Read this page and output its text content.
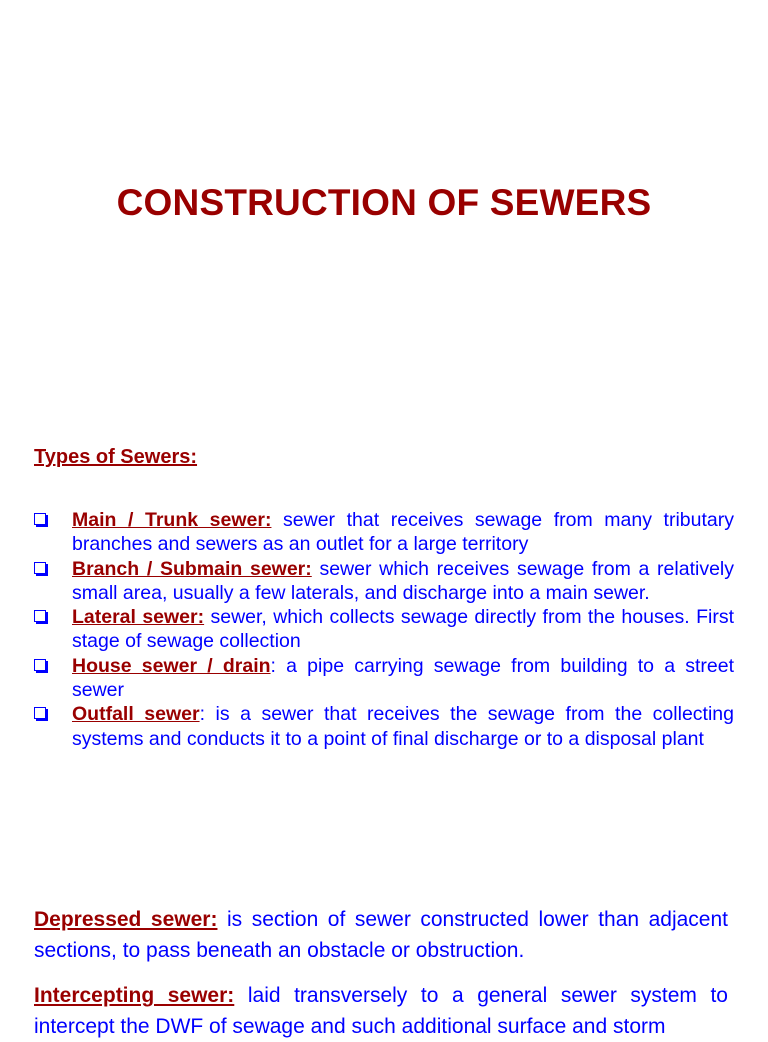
CONSTRUCTION OF SEWERS
Types of Sewers:
Main / Trunk sewer: sewer that receives sewage from many tributary branches and sewers as an outlet for a large territory
Branch / Submain sewer: sewer which receives sewage from a relatively small area, usually a few laterals, and discharge into a main sewer.
Lateral sewer: sewer, which collects sewage directly from the houses. First stage of sewage collection
House sewer / drain: a pipe carrying sewage from building to a street sewer
Outfall sewer: is a sewer that receives the sewage from the collecting systems and conducts it to a point of final discharge or to a disposal plant

Depressed sewer: is section of sewer constructed lower than adjacent sections, to pass beneath an obstacle or obstruction.

Intercepting sewer: laid transversely to a general sewer system to intercept the DWF of sewage and such additional surface and storm
